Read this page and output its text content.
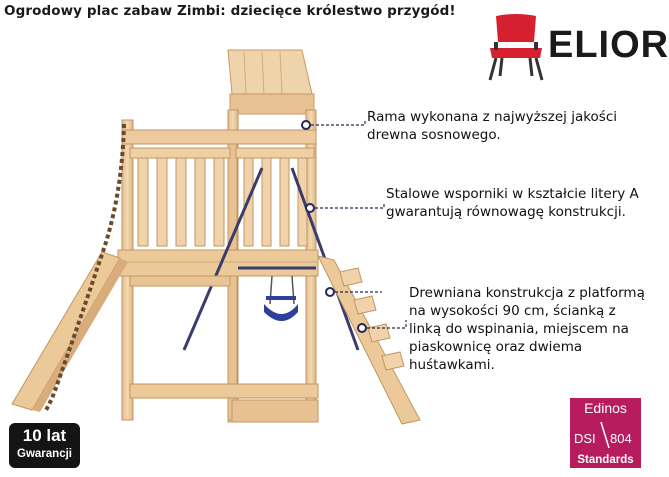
Ogrodowy plac zabaw Zimbi: dziecięce królestwo przygód!
ELIOR
Rama wykonana z najwyższej jakości drewna sosnowego.
Stalowe wsporniki w kształcie litery A gwarantują równowagę konstrukcji.
Drewniana konstrukcja z platformą na wysokości 90 cm, ścianką z linką do wspinania, miejscem na piaskownicę oraz dwiema huśtawkami.
10 lat
Gwarancji
Edinos
DSI 804
Standards
